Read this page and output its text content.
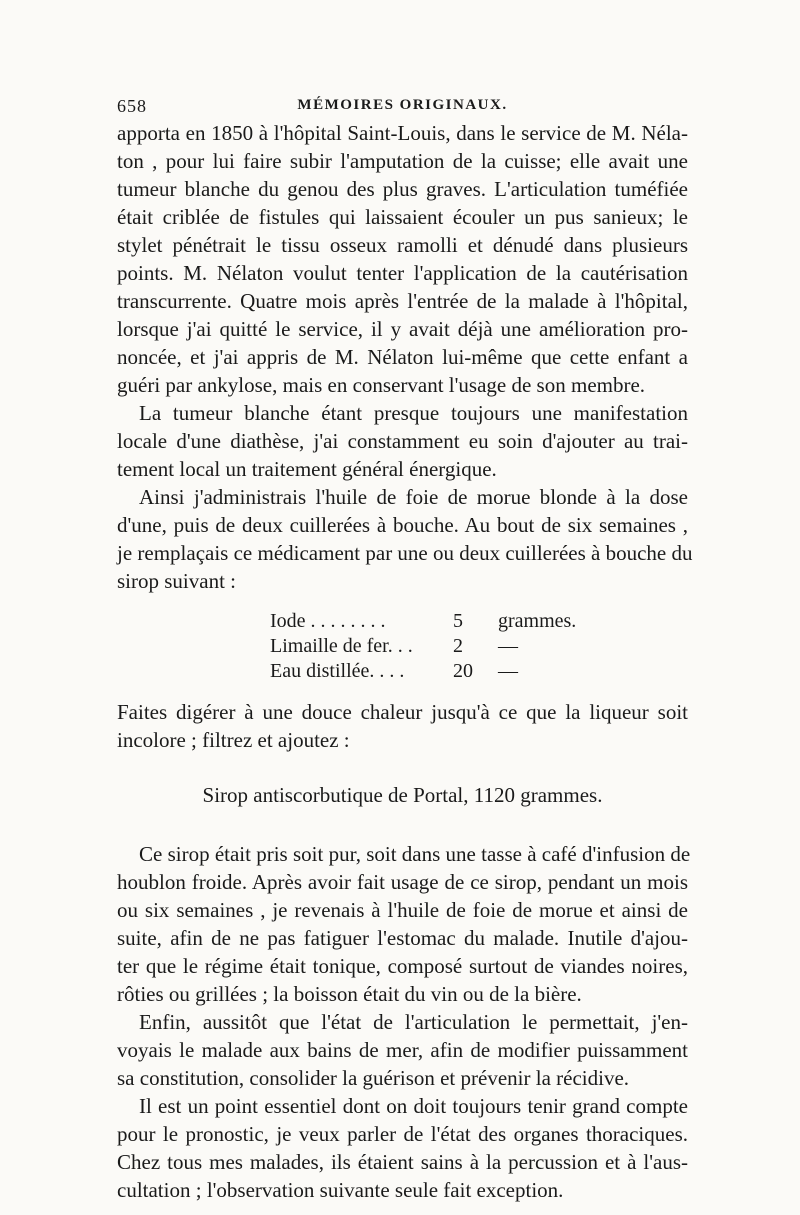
658	MÉMOIRES ORIGINAUX.
apporta en 1850 à l'hôpital Saint-Louis, dans le service de M. Néla-
ton , pour lui faire subir l'amputation de la cuisse; elle avait une
tumeur blanche du genou des plus graves. L'articulation tuméfiée
était criblée de fistules qui laissaient écouler un pus sanieux; le
stylet pénétrait le tissu osseux ramolli et dénudé dans plusieurs
points. M. Nélaton voulut tenter l'application de la cautérisation
transcurrente. Quatre mois après l'entrée de la malade à l'hôpital,
lorsque j'ai quitté le service, il y avait déjà une amélioration pro-
noncée, et j'ai appris de M. Nélaton lui-même que cette enfant a
guéri par ankylose, mais en conservant l'usage de son membre.
La tumeur blanche étant presque toujours une manifestation
locale d'une diathèse, j'ai constamment eu soin d'ajouter au trai-
tement local un traitement général énergique.
Ainsi j'administrais l'huile de foie de morue blonde à la dose
d'une, puis de deux cuillerées à bouche. Au bout de six semaines ,
je remplaçais ce médicament par une ou deux cuillerées à bouche du
sirop suivant :
Iode . . . . . . . .	5 grammes.
Limaille de fer. . . 2 —
Eau distillée. . . . 20 —
Faites digérer à une douce chaleur jusqu'à ce que la liqueur soit
incolore ; filtrez et ajoutez :
Sirop antiscorbutique de Portal, 1120 grammes.
Ce sirop était pris soit pur, soit dans une tasse à café d'infusion de
houblon froide. Après avoir fait usage de ce sirop, pendant un mois
ou six semaines , je revenais à l'huile de foie de morue et ainsi de
suite, afin de ne pas fatiguer l'estomac du malade. Inutile d'ajou-
ter que le régime était tonique, composé surtout de viandes noires,
rôties ou grillées ; la boisson était du vin ou de la bière.
Enfin, aussitôt que l'état de l'articulation le permettait, j'en-
voyais le malade aux bains de mer, afin de modifier puissamment
sa constitution, consolider la guérison et prévenir la récidive.
Il est un point essentiel dont on doit toujours tenir grand compte
pour le pronostic, je veux parler de l'état des organes thoraciques.
Chez tous mes malades, ils étaient sains à la percussion et à l'aus-
cultation ; l'observation suivante seule fait exception.
